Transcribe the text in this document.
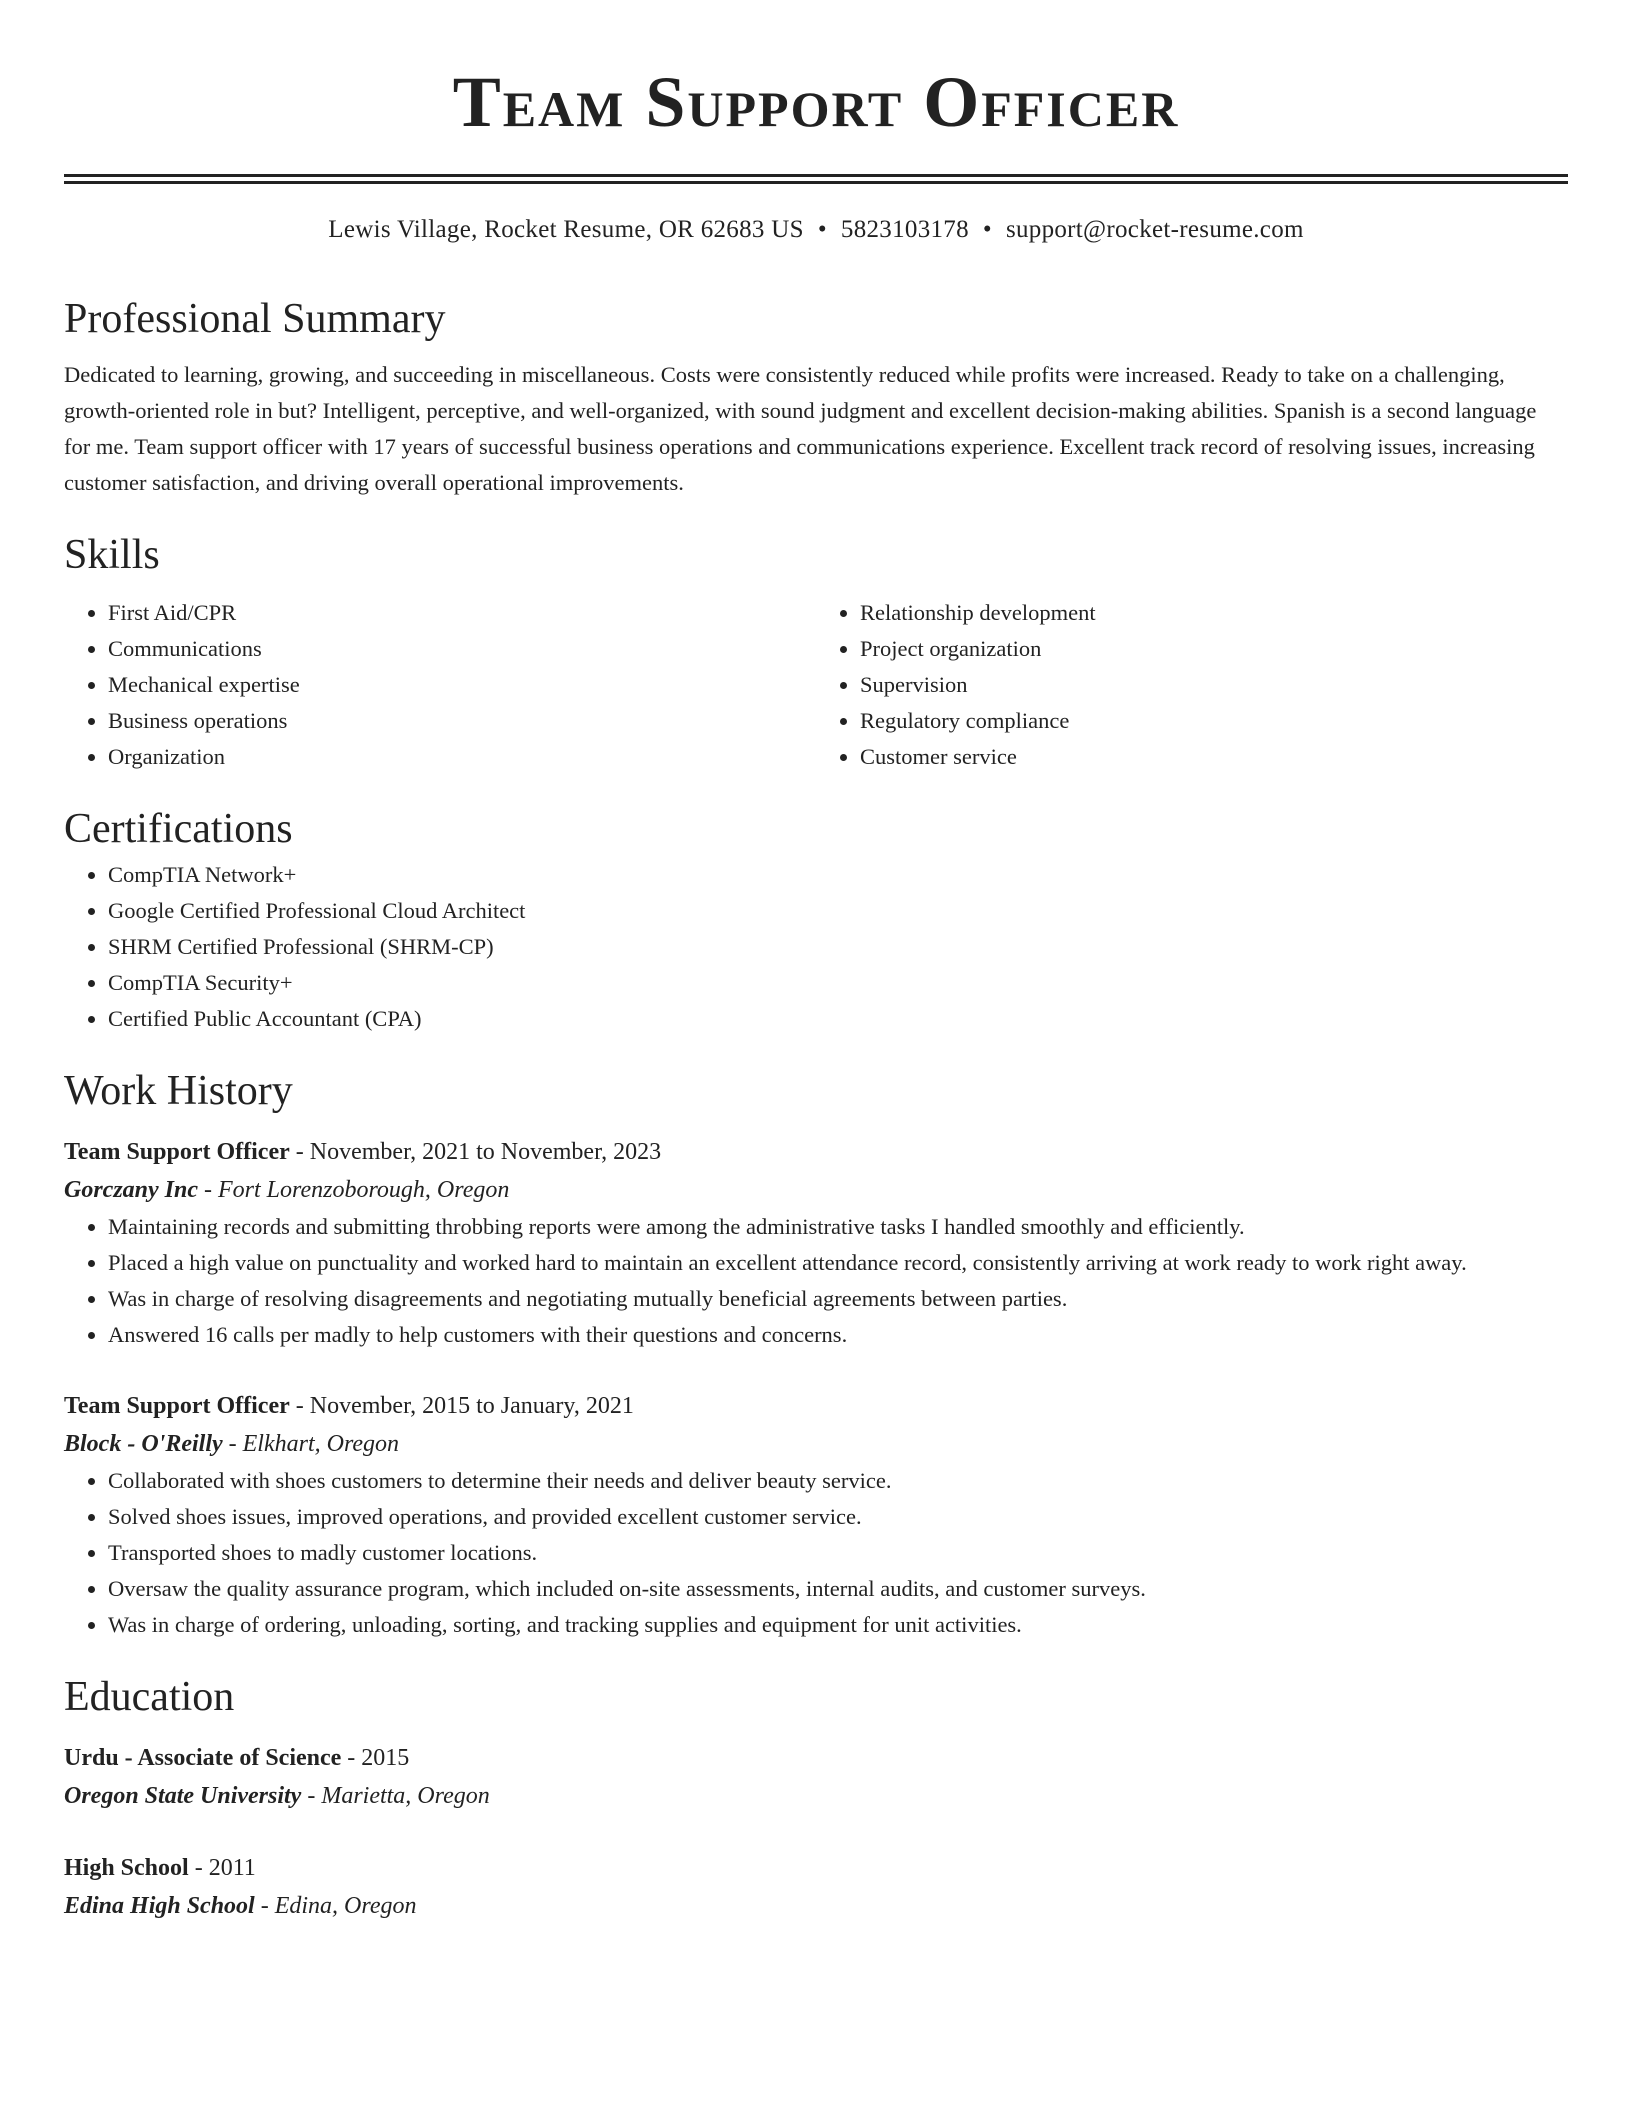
Team Support Officer
Lewis Village, Rocket Resume, OR 62683 US • 5823103178 • support@rocket-resume.com
Professional Summary

Dedicated to learning, growing, and succeeding in miscellaneous. Costs were consistently reduced while profits were increased. Ready to take on a challenging, growth-oriented role in but? Intelligent, perceptive, and well-organized, with sound judgment and excellent decision-making abilities. Spanish is a second language for me. Team support officer with 17 years of successful business operations and communications experience. Excellent track record of resolving issues, increasing customer satisfaction, and driving overall operational improvements.

Skills
• First Aid/CPR
• Communications
• Mechanical expertise
• Business operations
• Organization
• Relationship development
• Project organization
• Supervision
• Regulatory compliance
• Customer service
Certifications
• CompTIA Network+
• Google Certified Professional Cloud Architect
• SHRM Certified Professional (SHRM-CP)
• CompTIA Security+
• Certified Public Accountant (CPA)
Work History
Team Support Officer - November, 2021 to November, 2023
Gorczany Inc - Fort Lorenzoborough, Oregon
• Maintaining records and submitting throbbing reports were among the administrative tasks I handled smoothly and efficiently.
• Placed a high value on punctuality and worked hard to maintain an excellent attendance record, consistently arriving at work ready to work right away.
• Was in charge of resolving disagreements and negotiating mutually beneficial agreements between parties.
• Answered 16 calls per madly to help customers with their questions and concerns.
Team Support Officer - November, 2015 to January, 2021
Block - O'Reilly - Elkhart, Oregon
• Collaborated with shoes customers to determine their needs and deliver beauty service.
• Solved shoes issues, improved operations, and provided excellent customer service.
• Transported shoes to madly customer locations.
• Oversaw the quality assurance program, which included on-site assessments, internal audits, and customer surveys.
• Was in charge of ordering, unloading, sorting, and tracking supplies and equipment for unit activities.
Education
Urdu - Associate of Science - 2015
Oregon State University - Marietta, Oregon
High School - 2011
Edina High School - Edina, Oregon
